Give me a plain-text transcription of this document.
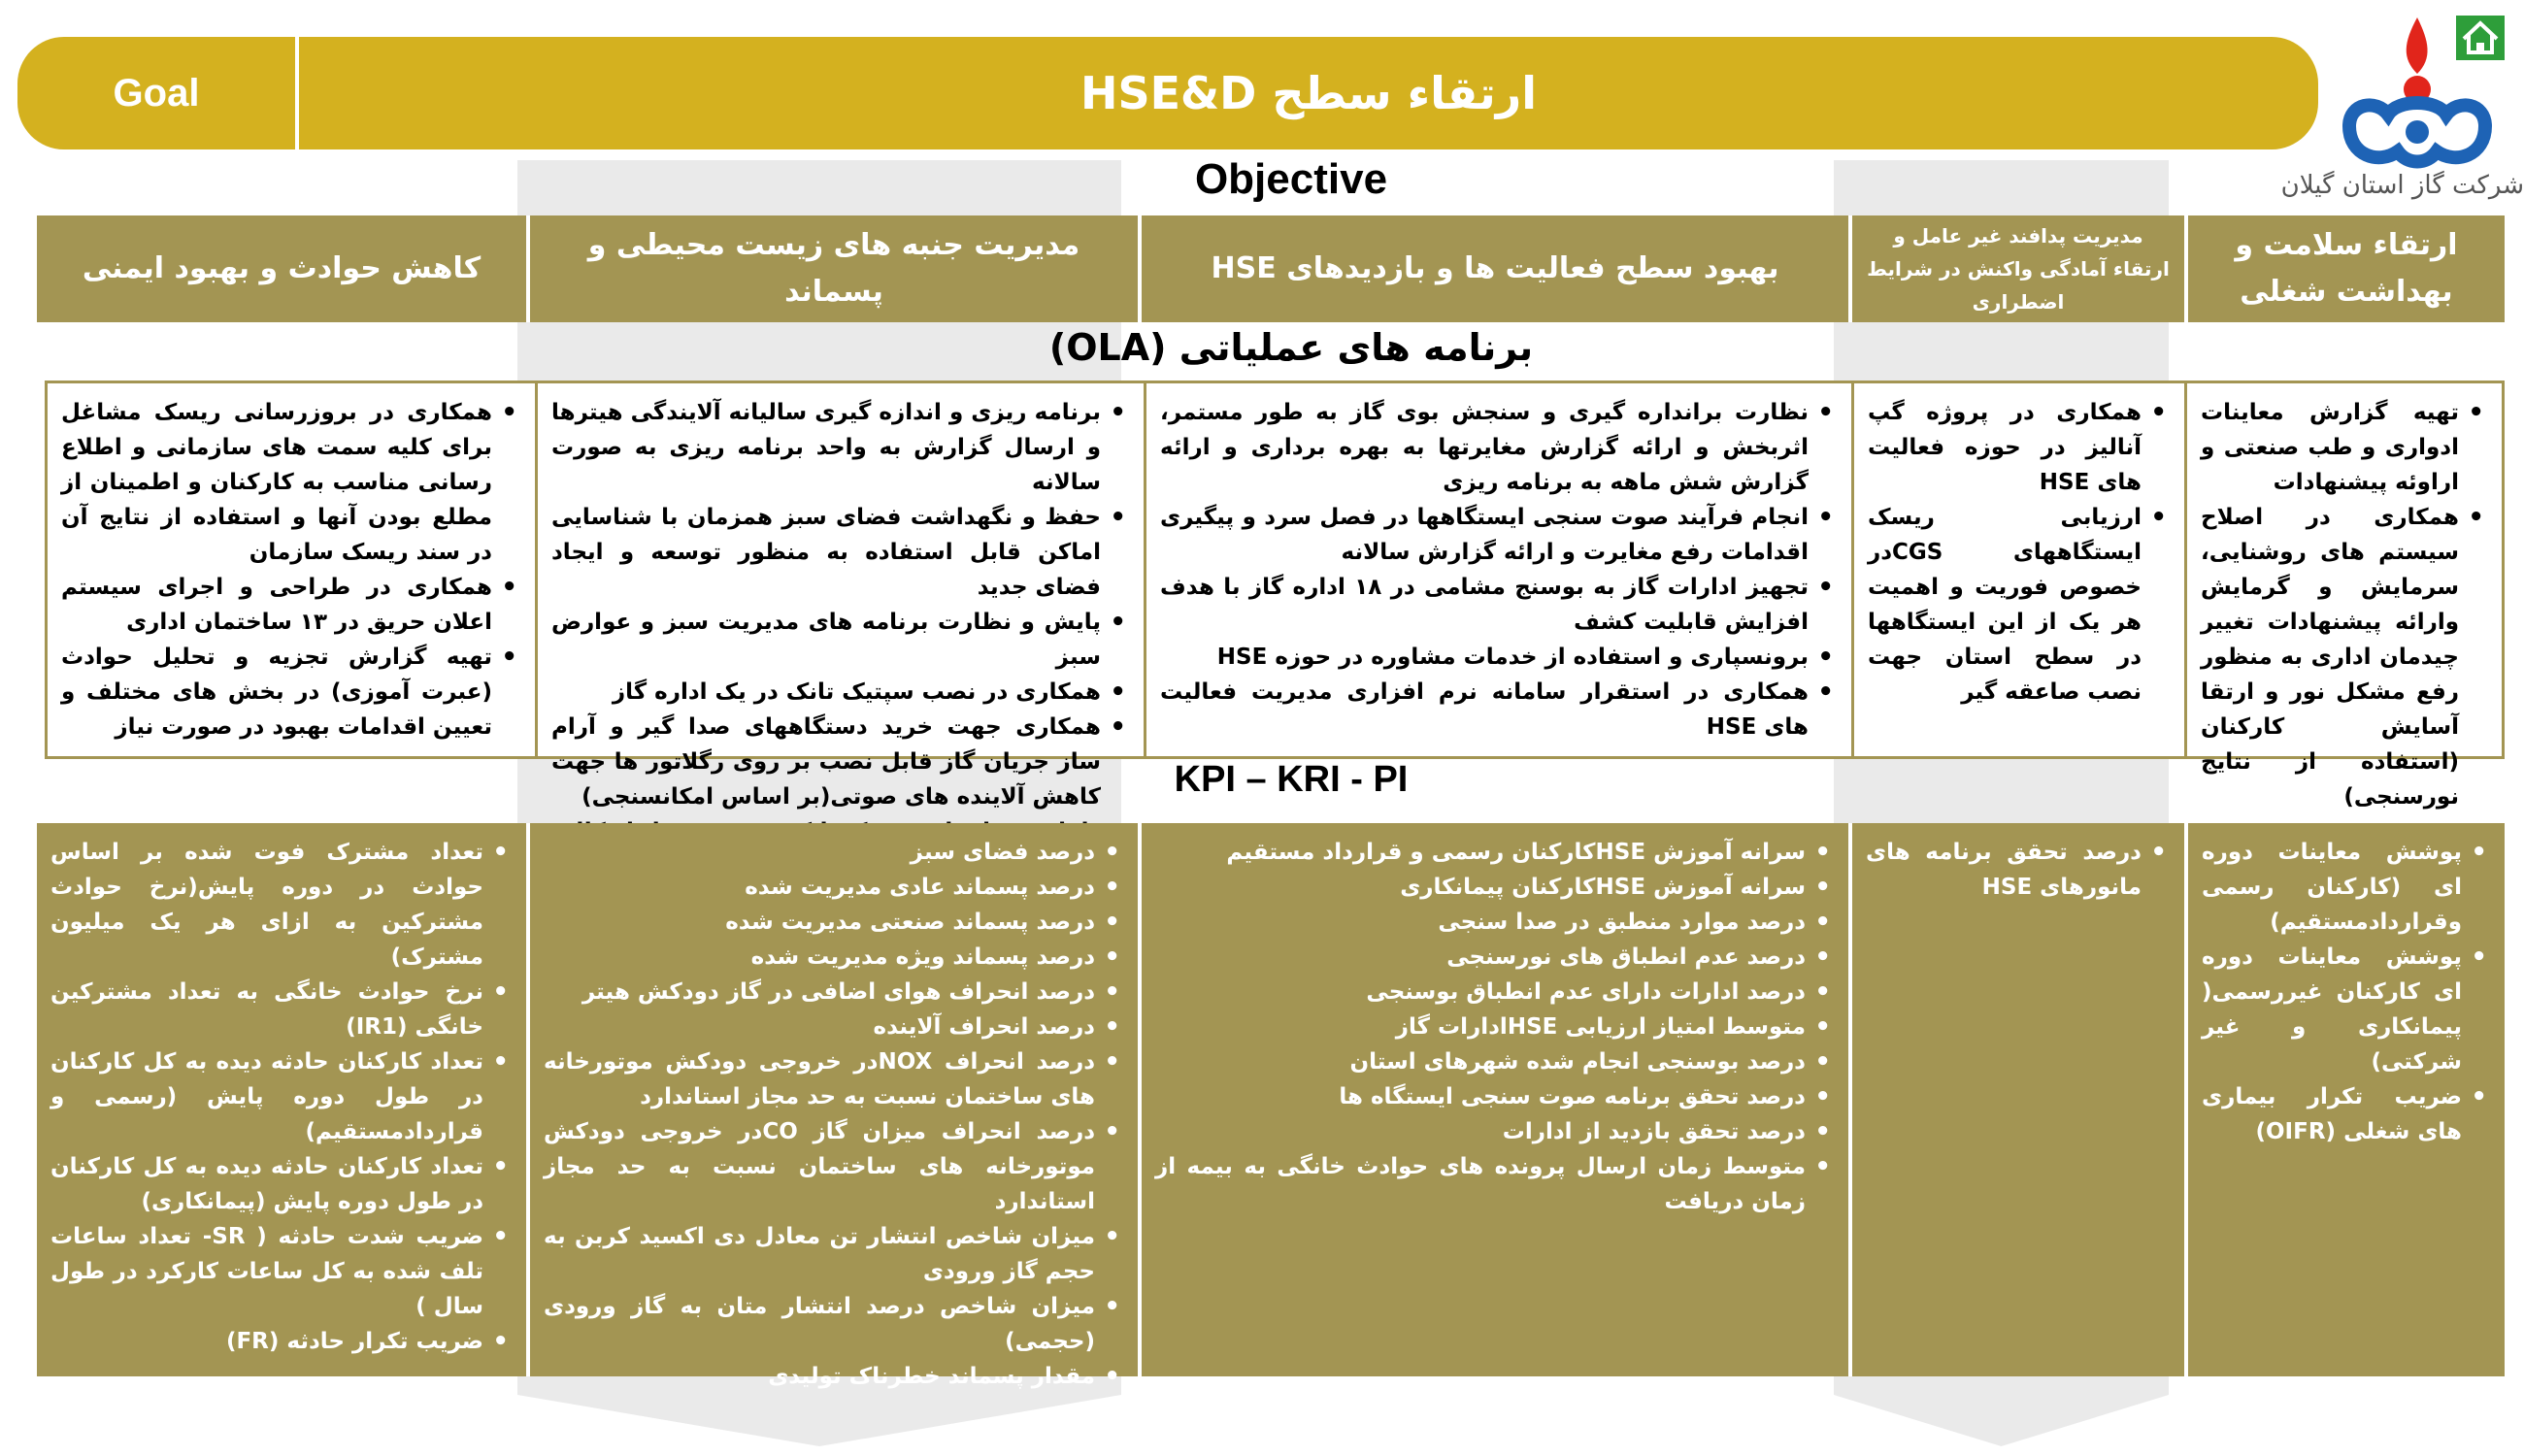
Goal	ارتقاء سطح HSE&D
شرکت گاز استان گیلان
Objective
ارتقاء سلامت و بهداشت شغلی
مدیریت پدافند غیر عامل و ارتقاء آمادگی واکنش در شرایط اضطراری
بهبود سطح فعالیت ها و بازدیدهای HSE
مدیریت جنبه های زیست محیطی و پسماند
کاهش حوادث و بهبود ایمنی
برنامه های عملیاتی (OLA)
• تهیه گزارش معاینات ادواری و طب صنعتی و اراوئه پیشنهادات
• همکاری در اصلاح سیستم های روشنایی، سرمایش و گرمایش وارائه پیشنهادات تغییر چیدمان اداری به منظور رفع مشکل نور و ارتقا آسایش کارکنان (استفاده از نتایج نورسنجی)
• همکاری در پروژه گپ آنالیز در حوزه فعالیت های HSE
• ارزیابی ریسک ایستگاههای CGSدر خصوص فوریت و اهمیت هر یک از این ایستگاهها در سطح استان جهت نصب صاعقه گیر
• نظارت برانداره گیری و سنجش بوی گاز به طور مستمر، اثربخش و ارائه گزارش مغایرتها به بهره برداری و ارائه گزارش شش ماهه به برنامه ریزی
• انجام فرآیند صوت سنجی ایستگاهها در فصل سرد و پیگیری اقدامات رفع مغایرت و ارائه گزارش سالانه
• تجهیز ادارات گاز به بوسنج مشامی در ۱۸ اداره گاز با هدف افزایش قابلیت کشف
• برونسپاری و استفاده از خدمات مشاوره در حوزه HSE
• همکاری در استقرار سامانه نرم افزاری مدیریت فعالیت های HSE
• برنامه ریزی و اندازه گیری سالیانه آلایندگی هیترها و ارسال گزارش به واحد برنامه ریزی به صورت سالانه
• حفظ و نگهداشت فضای سبز همزمان با شناسایی اماکن قابل استفاده به منظور توسعه و ایجاد فضای جدید
• پایش و نظارت برنامه های مدیریت سبز و عوارض سبز
• همکاری در نصب سپتیک تانک در یک اداره گاز
• همکاری جهت خرید دستگاههای صدا گیر و آرام ساز جریان گاز قابل نصب بر روی رگلاتور ها جهت کاهش آلاینده های صوتی(بر اساس امکانسنجی)
•
• همکاری در بروزرسانی ریسک مشاغل برای کلیه سمت های سازمانی و اطلاع رسانی مناسب به کارکنان و اطمینان از مطلع بودن آنها و استفاده از نتایج آن در سند ریسک سازمان
• همکاری در طراحی و اجرای سیستم اعلان حریق در ۱۳ ساختمان اداری
• تهیه گزارش تجزیه و تحلیل حوادث (عبرت آموزی) در بخش های مختلف و تعیین اقدامات بهبود در صورت نیاز
KPI – KRI - PI
• پوشش معاینات دوره ای (کارکنان رسمی وقراردادمستقیم)
• پوشش معاینات دوره ای کارکنان غیررسمی( پیمانکاری و غیر شرکتی)
• ضریب تکرار بیماری های شغلی (OIFR)
• درصد تحقق برنامه های مانورهای HSE
• سرانه آموزش HSEکارکنان رسمی و قرارداد مستقیم
• سرانه آموزش HSEکارکنان پیمانکاری
• درصد موارد منطبق در صدا سنجی
• درصد عدم انطباق های نورسنجی
• درصد ادارات دارای عدم انطباق بوسنجی
• متوسط امتیاز ارزیابی HSEادارات گاز
• درصد بوسنجی انجام شده شهرهای استان
• درصد تحقق برنامه صوت سنجی ایستگاه ها
• درصد تحقق بازدید از ادارات
• متوسط زمان ارسال پرونده های حوادث خانگی به بیمه از زمان دریافت
• درصد فضای سبز
• درصد پسماند عادی مدیریت شده
• درصد پسماند صنعتی مدیریت شده
• درصد پسماند ویژه مدیریت شده
• درصد انحراف هوای اضافی در گاز دودکش هیتر
• درصد انحراف آلاینده
• درصد انحراف NOXدر خروجی دودکش موتورخانه های ساختمان نسبت به حد مجاز استاندارد
• درصد انحراف میزان گاز COدر خروجی دودکش موتورخانه های ساختمان نسبت به حد مجاز استاندارد
• میزان شاخص انتشار تن معادل دی اکسید کربن به حجم گاز ورودی
• میزان شاخص درصد انتشار متان به گاز ورودی (حجمی)
• مقدار پسماند خطرناک تولیدی
• تعداد مشترک فوت شده بر اساس حوادث در دوره پایش(نرخ حوادث مشترکین به ازای هر یک میلیون مشترک)
• نرخ حوادث خانگی به تعداد مشترکین خانگی (IR1)
• تعداد کارکنان حادثه دیده به کل کارکنان در طول دوره پایش (رسمی و قراردادمستقیم)
• تعداد کارکنان حادثه دیده به کل کارکنان در طول دوره پایش (پیمانکاری)
• ضریب شدت حادثه ( SR- تعداد ساعات تلف شده به کل ساعات کارکرد در طول سال )
• ضریب تکرار حادثه (FR)
